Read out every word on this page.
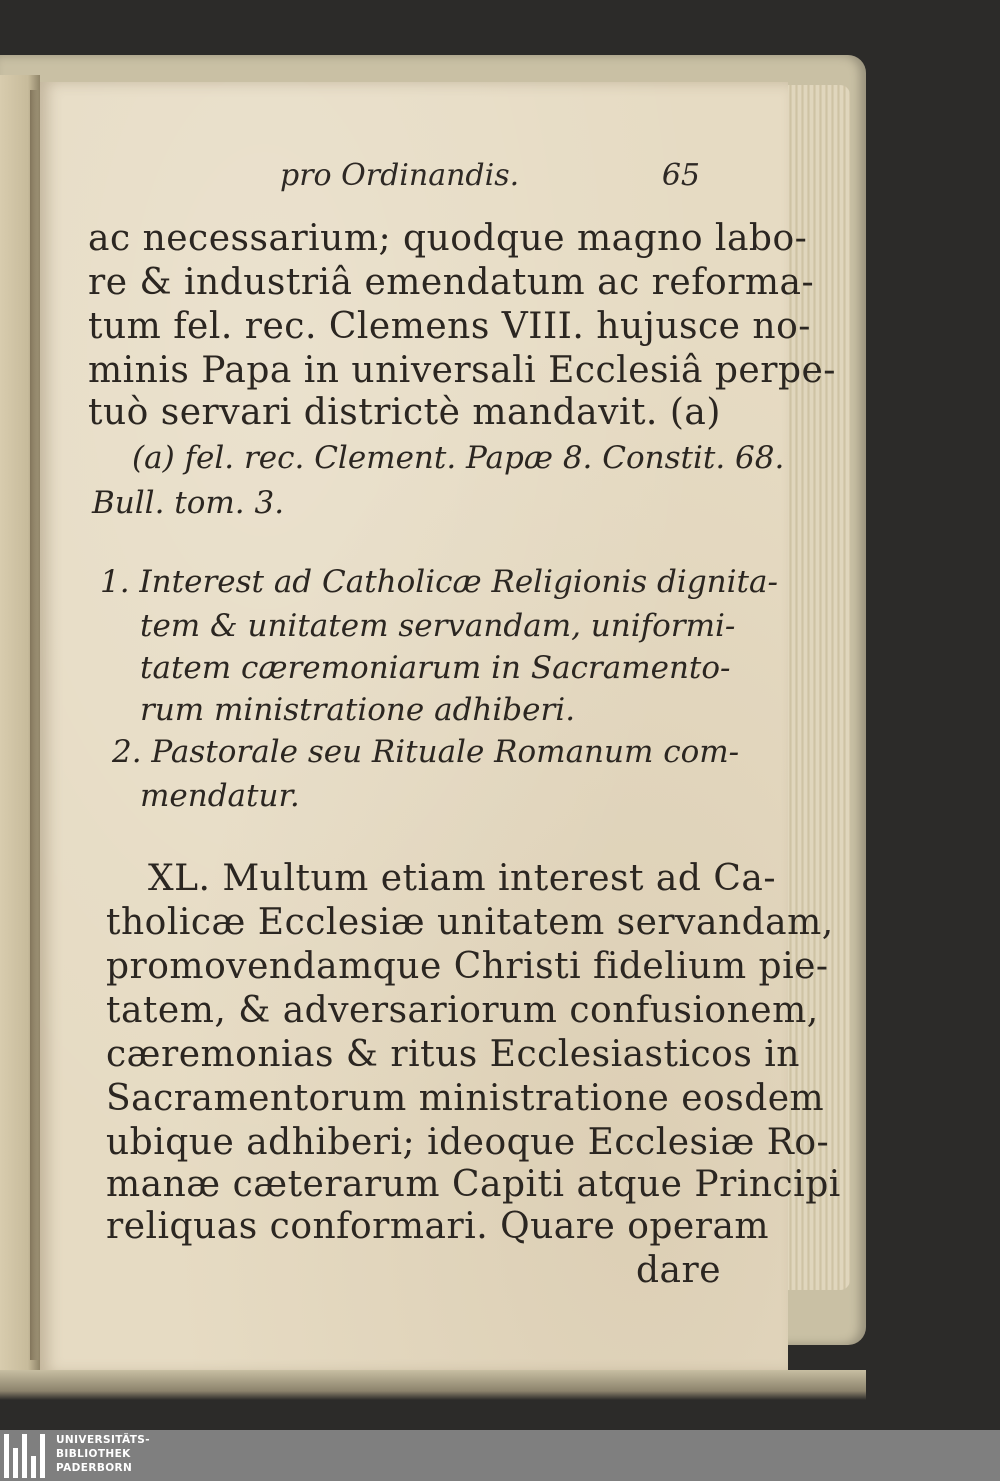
pro Ordinandis.	65
ac necessarium; quodque magno labo-
re & industriâ emendatum ac reforma-
tum fel. rec. Clemens VIII. hujusce no-
minis Papa in universali Ecclesiâ perpe-
tuò servari districtè mandavit. (a)
(a) fel. rec. Clement. Papæ 8. Constit. 68.
Bull. tom. 3.
1. Interest ad Catholicæ Religionis dignita-
tem & unitatem servandam, uniformi-
tatem cæremoniarum in Sacramento-
rum ministratione adhiberi.
2. Pastorale seu Rituale Romanum com-
mendatur.
XL. Multum etiam interest ad Ca-
tholicæ Ecclesiæ unitatem servandam,
promovendamque Christi fidelium pie-
tatem, & adversariorum confusionem,
cæremonias & ritus Ecclesiasticos in
Sacramentorum ministratione eosdem
ubique adhiberi; ideoque Ecclesiæ Ro-
manæ cæterarum Capiti atque Principi
reliquas conformari. Quare operam
dare
UNIVERSITÄTS-
BIBLIOTHEK
PADERBORN
